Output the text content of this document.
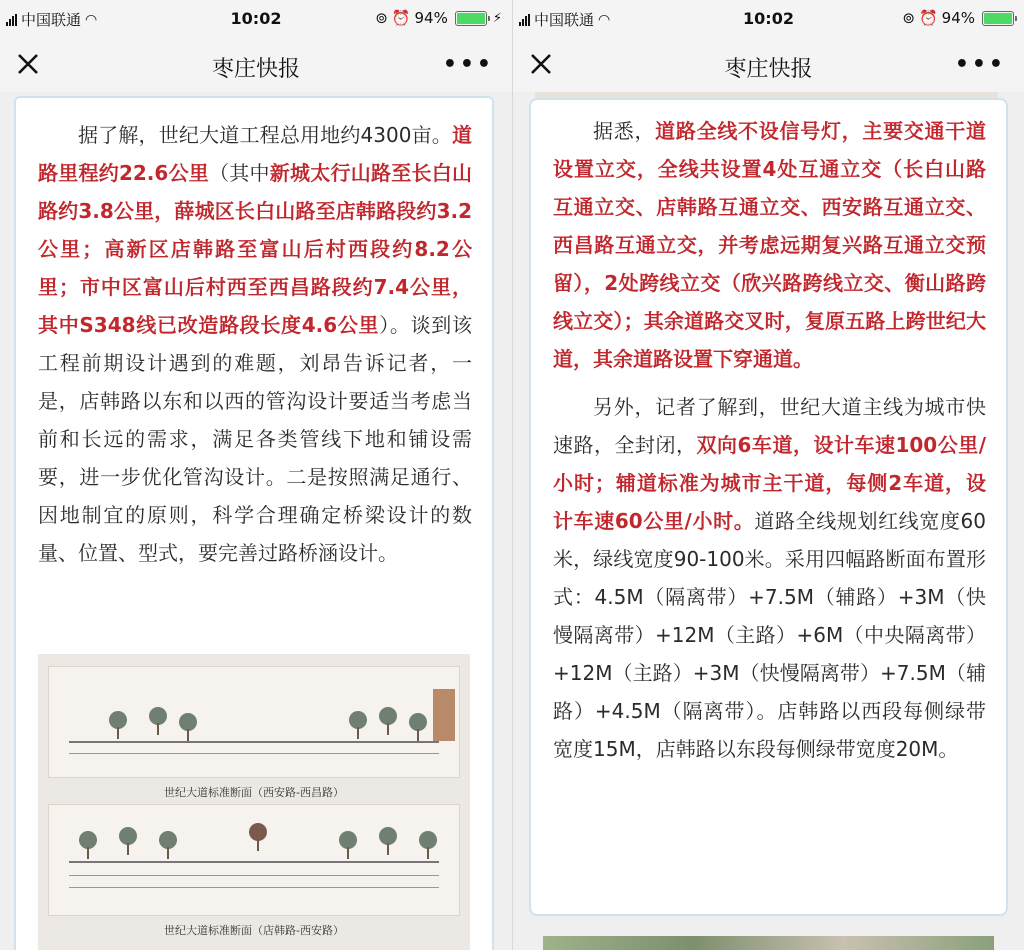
中国联通 ◠	10:02	⊚ ⏰ 94%	⚡
枣庄快报	•••

据了解，世纪大道工程总用地约4300亩。道路里程约22.6公里（其中新城太行山路至长白山路约3.8公里，薛城区长白山路至店韩路段约3.2公里；高新区店韩路至富山后村西段约8.2公里；市中区富山后村西至西昌路段约7.4公里，其中S348线已改造路段长度4.6公里）。谈到该工程前期设计遇到的难题，刘昂告诉记者，一是，店韩路以东和以西的管沟设计要适当考虑当前和长远的需求，满足各类管线下地和铺设需要，进一步优化管沟设计。二是按照满足通行、因地制宜的原则，科学合理确定桥梁设计的数量、位置、型式，要完善过路桥涵设计。

世纪大道标准断面（西安路-西昌路）
世纪大道标准断面（店韩路-西安路）
中国联通 ◠	10:02	⊚ ⏰ 94%
枣庄快报	•••

据悉，道路全线不设信号灯，主要交通干道设置立交，全线共设置4处互通立交（长白山路互通立交、店韩路互通立交、西安路互通立交、西昌路互通立交，并考虑远期复兴路互通立交预留），2处跨线立交（欣兴路跨线立交、衡山路跨线立交）；其余道路交叉时，复原五路上跨世纪大道，其余道路设置下穿通道。

另外，记者了解到，世纪大道主线为城市快速路，全封闭，双向6车道，设计车速100公里/小时；辅道标准为城市主干道，每侧2车道，设计车速60公里/小时。道路全线规划红线宽度60米，绿线宽度90-100米。采用四幅路断面布置形式：4.5M（隔离带）+7.5M（辅路）+3M（快慢隔离带）+12M（主路）+6M（中央隔离带）+12M（主路）+3M（快慢隔离带）+7.5M（辅路）+4.5M（隔离带）。店韩路以西段每侧绿带宽度15M，店韩路以东段每侧绿带宽度20M。
